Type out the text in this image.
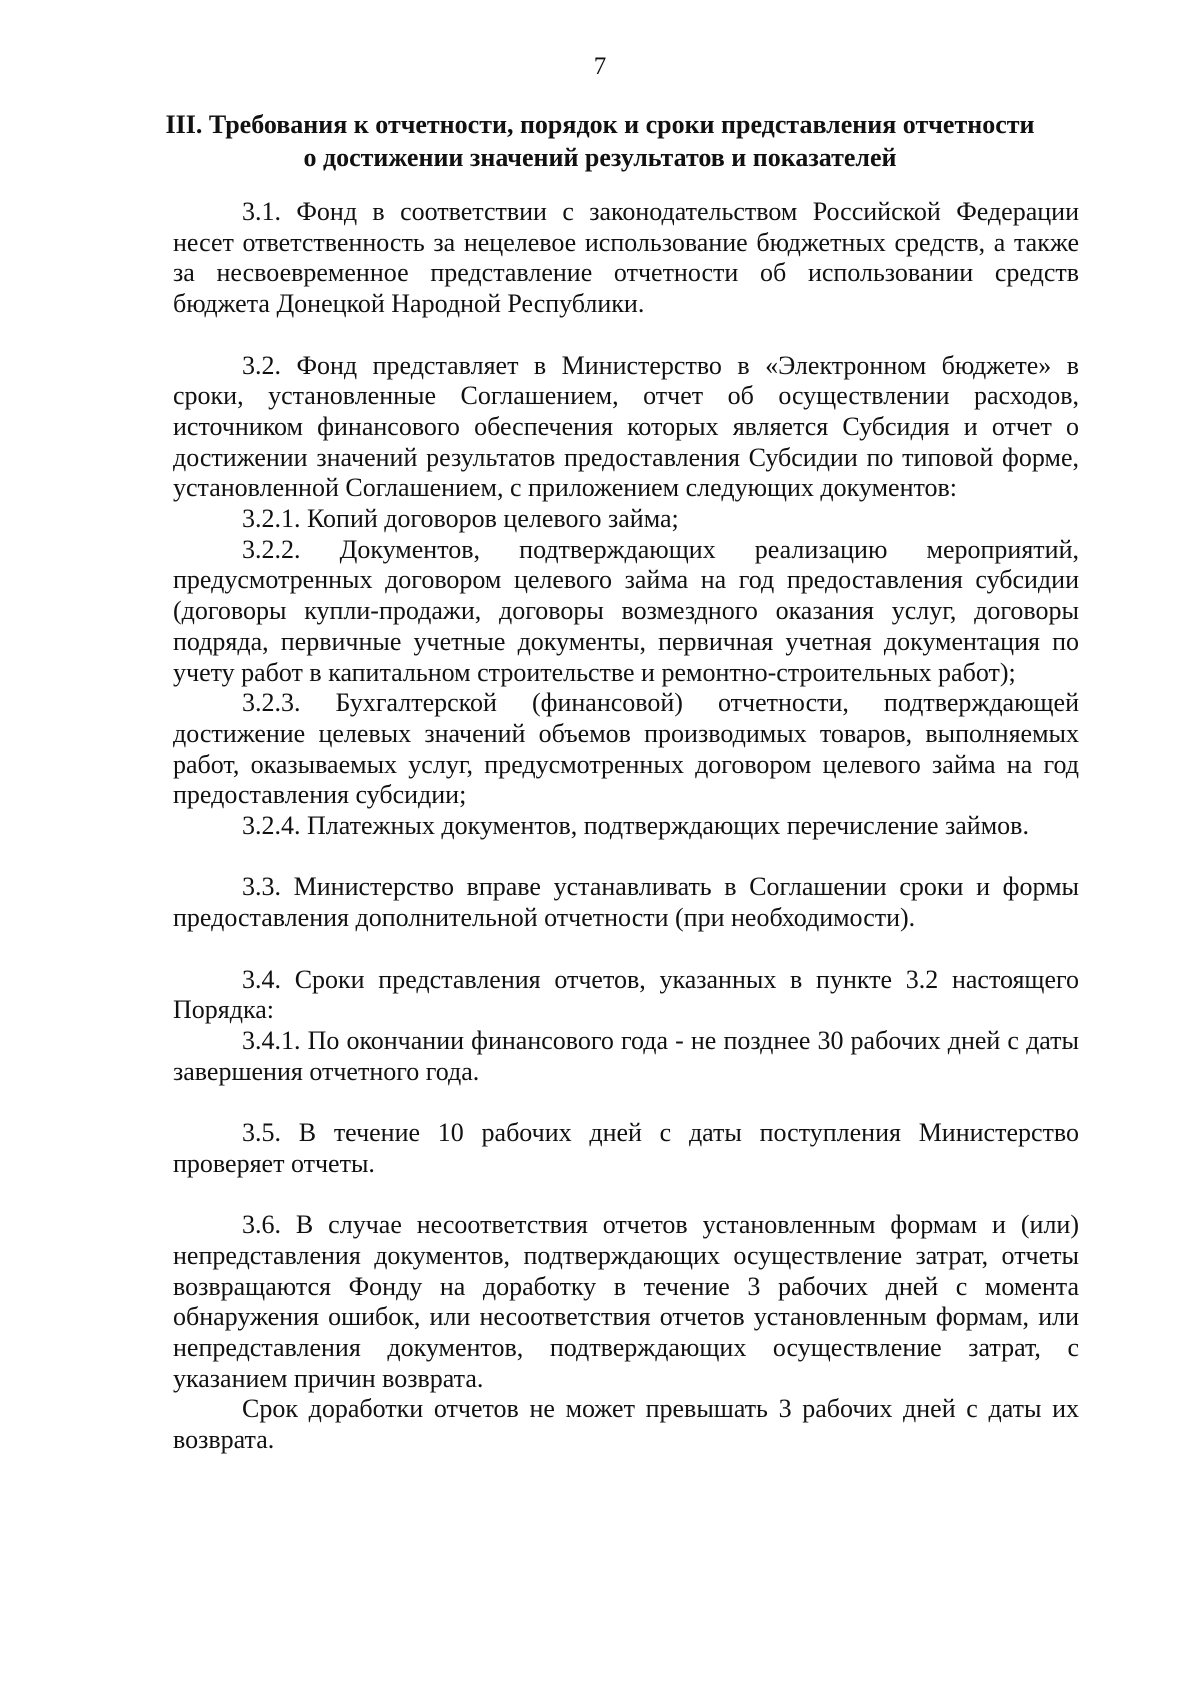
7
III. Требования к отчетности, порядок и сроки представления отчетности
о достижении значений результатов и показателей

3.1. Фонд в соответствии с законодательством Российской Федерации несет ответственность за нецелевое использование бюджетных средств, а также за несвоевременное представление отчетности об использовании средств бюджета Донецкой Народной Республики.

3.2. Фонд представляет в Министерство в «Электронном бюджете» в сроки, установленные Соглашением, отчет об осуществлении расходов, источником финансового обеспечения которых является Субсидия и отчет о достижении значений результатов предоставления Субсидии по типовой форме, установленной Соглашением, с приложением следующих документов:

3.2.1. Копий договоров целевого займа;

3.2.2. Документов, подтверждающих реализацию мероприятий, предусмотренных договором целевого займа на год предоставления субсидии (договоры купли-продажи, договоры возмездного оказания услуг, договоры подряда, первичные учетные документы, первичная учетная документация по учету работ в капитальном строительстве и ремонтно-строительных работ);

3.2.3. Бухгалтерской (финансовой) отчетности, подтверждающей достижение целевых значений объемов производимых товаров, выполняемых работ, оказываемых услуг, предусмотренных договором целевого займа на год предоставления субсидии;

3.2.4. Платежных документов, подтверждающих перечисление займов.

3.3. Министерство вправе устанавливать в Соглашении сроки и формы предоставления дополнительной отчетности (при необходимости).

3.4. Сроки представления отчетов, указанных в пункте 3.2 настоящего Порядка:

3.4.1. По окончании финансового года - не позднее 30 рабочих дней с даты завершения отчетного года.

3.5. В течение 10 рабочих дней с даты поступления Министерство проверяет отчеты.

3.6. В случае несоответствия отчетов установленным формам и (или) непредставления документов, подтверждающих осуществление затрат, отчеты возвращаются Фонду на доработку в течение 3 рабочих дней с момента обнаружения ошибок, или несоответствия отчетов установленным формам, или непредставления документов, подтверждающих осуществление затрат, с указанием причин возврата.

Срок доработки отчетов не может превышать 3 рабочих дней с даты их возврата.
